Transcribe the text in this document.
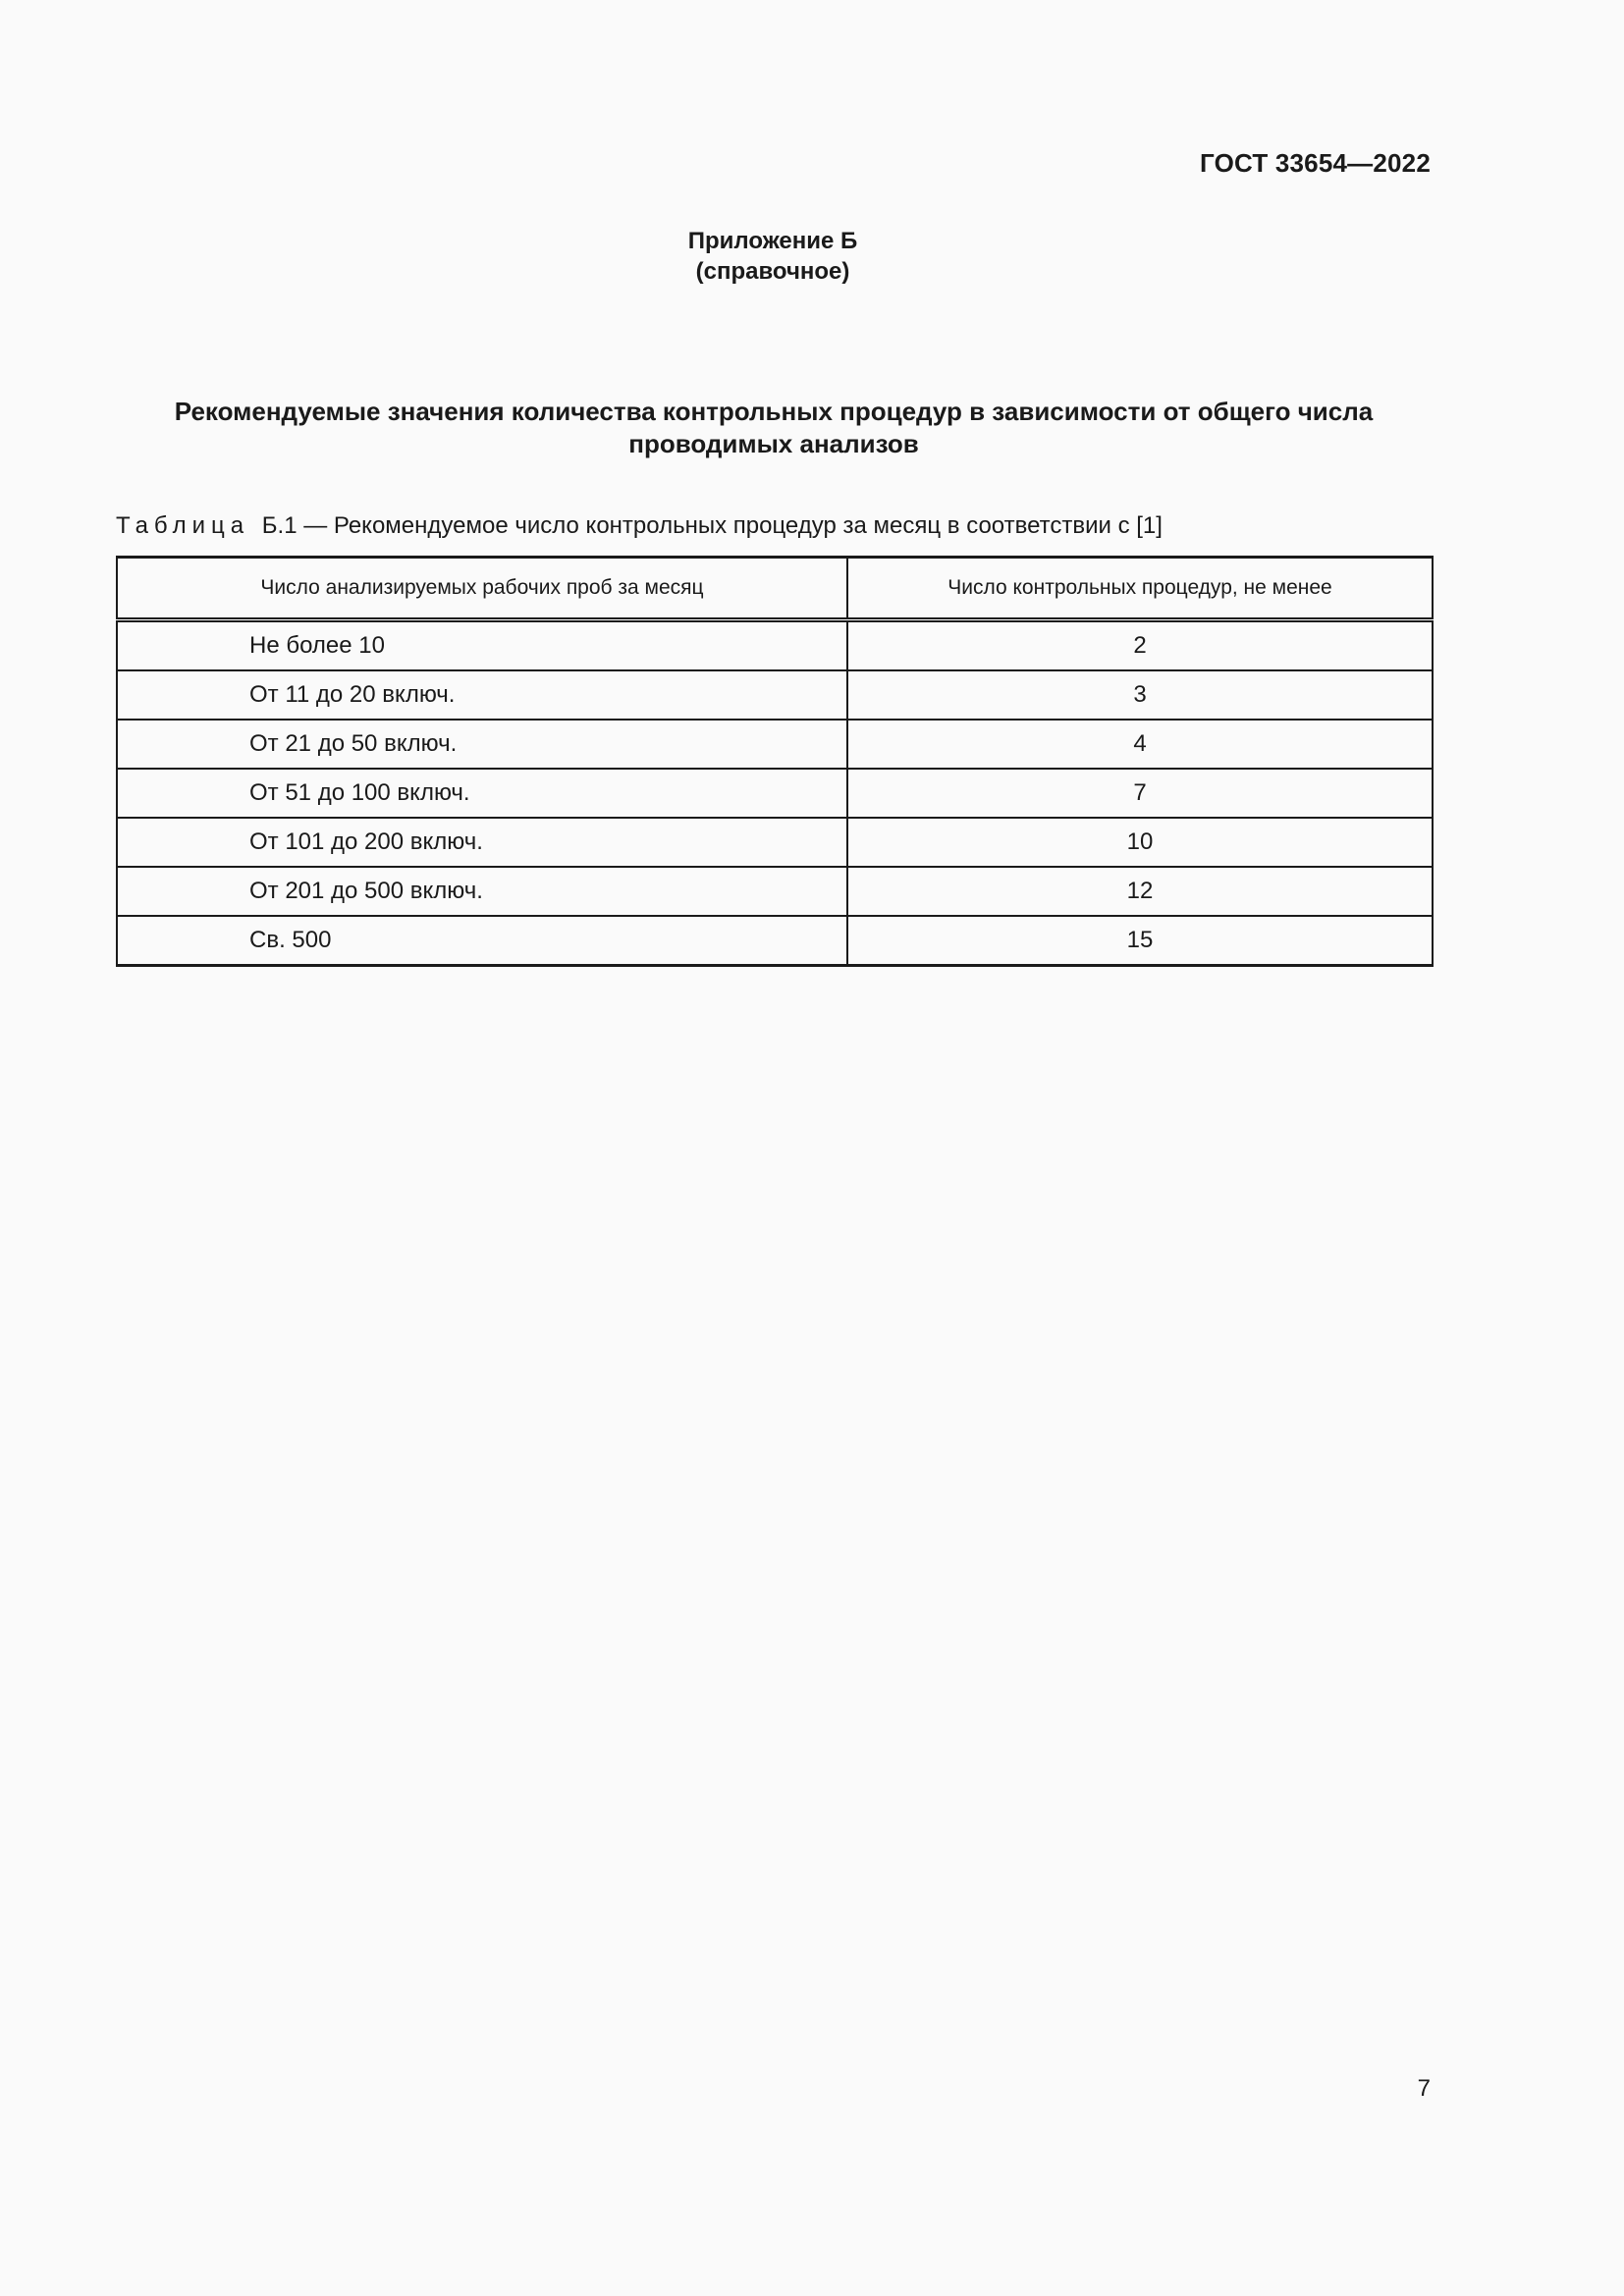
ГОСТ 33654—2022
Приложение Б
(справочное)
Рекомендуемые значения количества контрольных процедур в зависимости от общего числа проводимых анализов
Таблица Б.1 — Рекомендуемое число контрольных процедур за месяц в соответствии с [1]
Число анализируемых рабочих проб за месяц	Число контрольных процедур, не менее
Не более 10	2
От 11 до 20 включ.	3
От 21 до 50 включ.	4
От 51 до 100 включ.	7
От 101 до 200 включ.	10
От 201 до 500 включ.	12
Св. 500	15
7
